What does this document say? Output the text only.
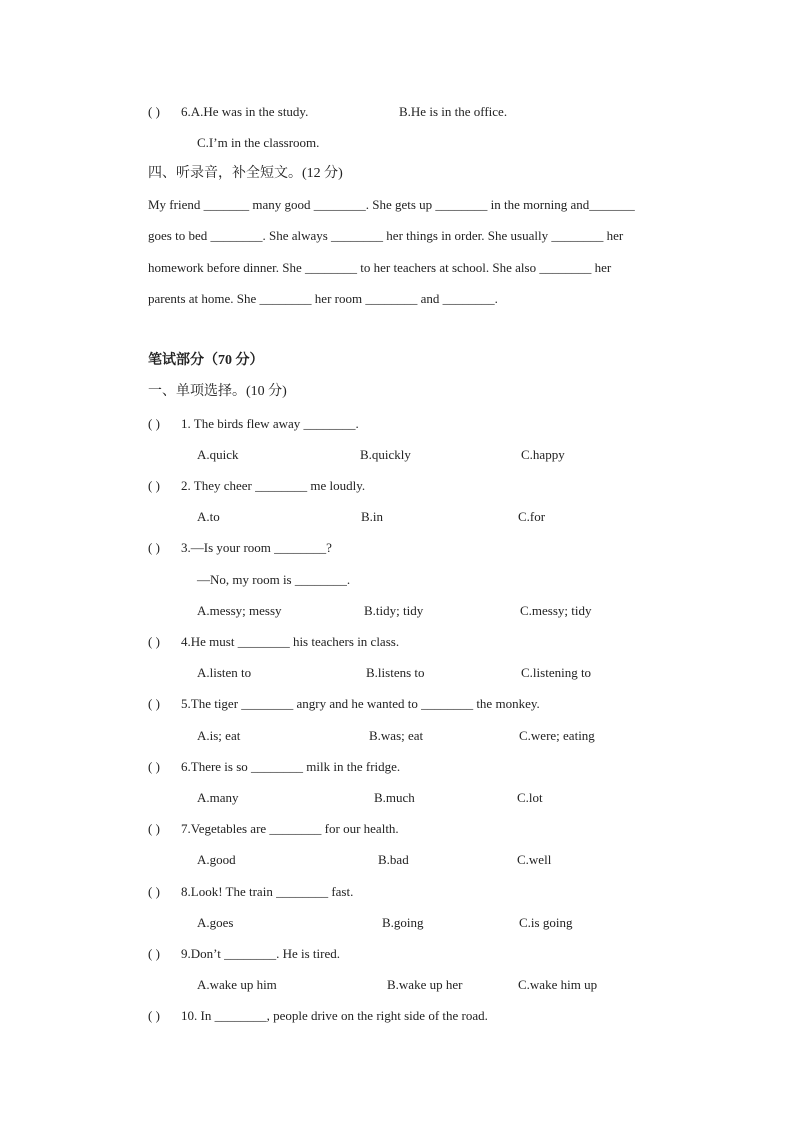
( ) 6.A.He was in the study.	B.He is in the office.
C.I’m in the classroom.
四、听录音，补全短文。(12 分)
My friend _______ many good ________. She gets up ________ in the morning and_______
goes to bed ________. She always ________ her things in order. She usually ________ her
homework before dinner. She ________ to her teachers at school. She also ________ her
parents at home. She ________ her room ________ and ________.
笔试部分（70 分）
一、单项选择。(10 分)
( ) 1. The birds flew away ________.
A.quick	B.quickly	C.happy
( ) 2. They cheer ________ me loudly.
A.to	B.in	C.for
( ) 3.—Is your room ________?
—No, my room is ________.
A.messy; messy	B.tidy; tidy	C.messy; tidy
( ) 4.He must ________ his teachers in class.
A.listen to	B.listens to	C.listening to
( ) 5.The tiger ________ angry and he wanted to ________ the monkey.
A.is; eat	B.was; eat	C.were; eating
( ) 6.There is so ________ milk in the fridge.
A.many	B.much	C.lot
( ) 7.Vegetables are ________ for our health.
A.good	B.bad	C.well
( ) 8.Look! The train ________ fast.
A.goes	B.going	C.is going
( ) 9.Don’t ________. He is tired.
A.wake up him	B.wake up her	C.wake him up
( ) 10. In ________, people drive on the right side of the road.
